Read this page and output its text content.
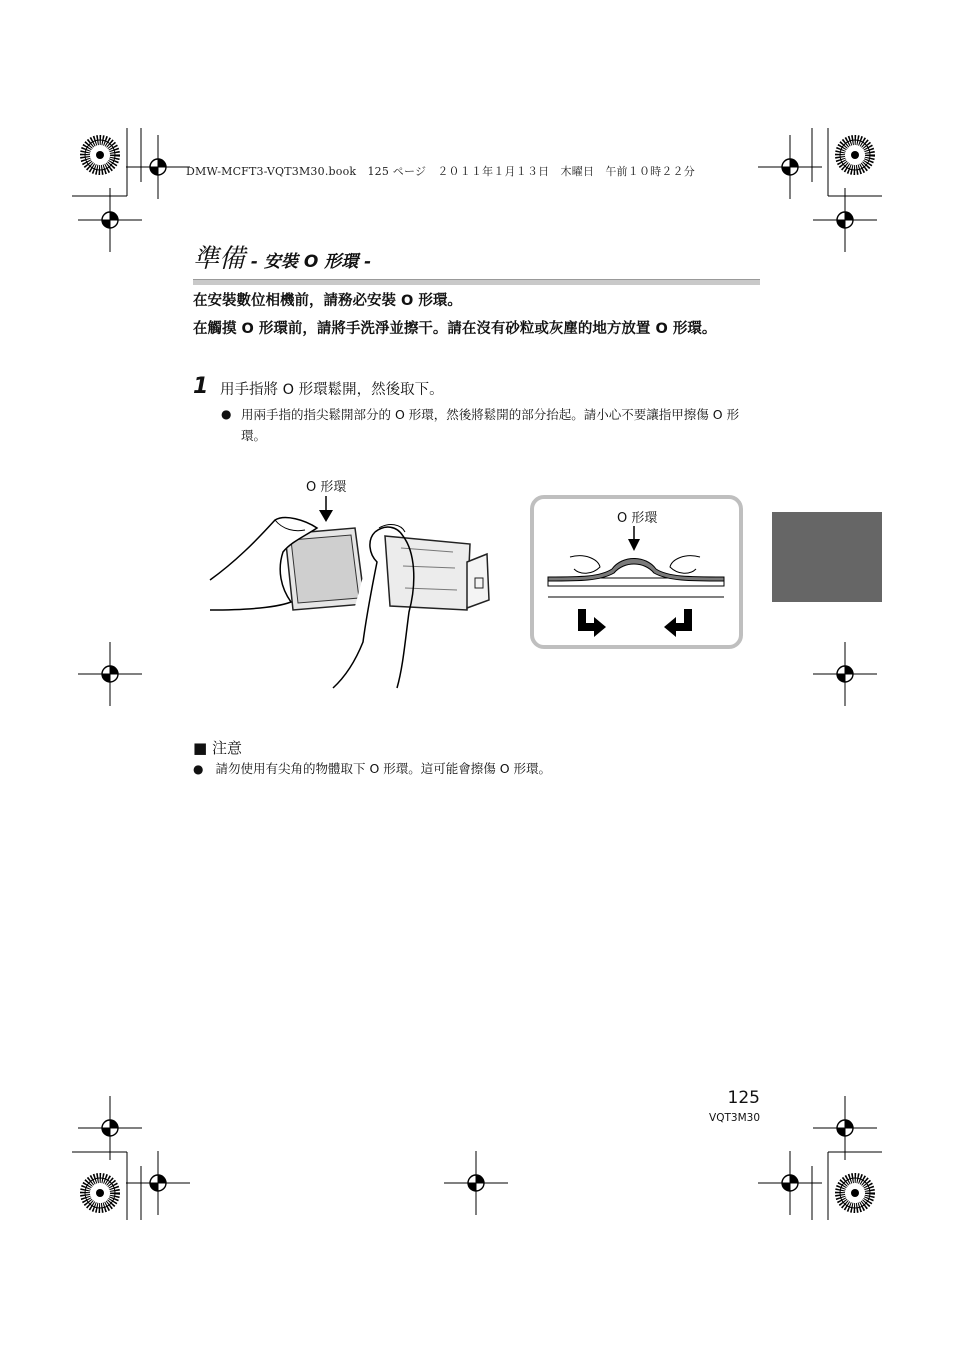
DMW-MCFT3-VQT3M30.book　125 ページ　２０１１年１月１３日　木曜日　午前１０時２２分
準備 - 安裝 O 形環 -
在安裝數位相機前，請務必安裝 O 形環。
在觸摸 O 形環前，請將手洗淨並擦干。請在沒有砂粒或灰塵的地方放置 O 形環。
1 用手指將 O 形環鬆開，然後取下。
● 用兩手指的指尖鬆開部分的 O 形環，然後將鬆開的部分抬起。請小心不要讓指甲擦傷 O 形環。
O 形環
O 形環
■ 注意
● 請勿使用有尖角的物體取下 O 形環。這可能會擦傷 O 形環。
125
VQT3M30
